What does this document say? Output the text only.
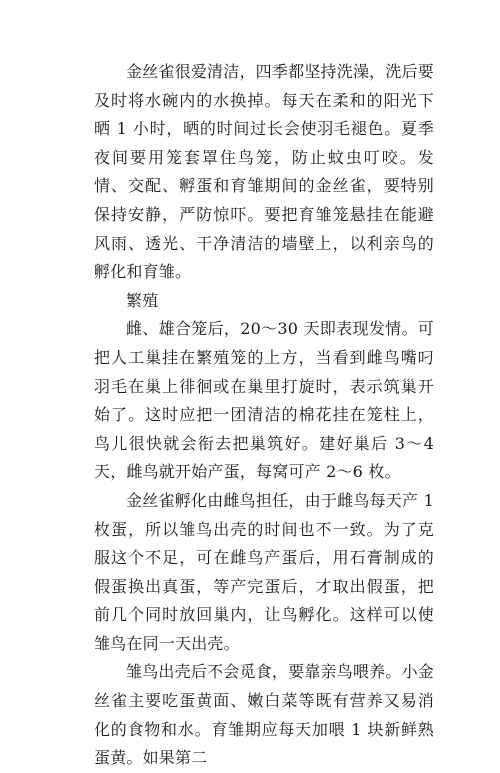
金丝雀很爱清洁，四季都坚持洗澡，洗后要及时将水碗内的水换掉。每天在柔和的阳光下晒 1 小时，晒的时间过长会使羽毛褪色。夏季夜间要用笼套罩住鸟笼，防止蚊虫叮咬。发情、交配、孵蛋和育雏期间的金丝雀，要特别保持安静，严防惊吓。要把育雏笼悬挂在能避风雨、透光、干净清洁的墙壁上，以利亲鸟的孵化和育雏。

繁殖

雌、雄合笼后，20～30 天即表现发情。可把人工巢挂在繁殖笼的上方，当看到雌鸟嘴叼羽毛在巢上徘徊或在巢里打旋时，表示筑巢开始了。这时应把一团清洁的棉花挂在笼柱上，鸟儿很快就会衔去把巢筑好。建好巢后 3～4 天，雌鸟就开始产蛋，每窝可产 2～6 枚。

金丝雀孵化由雌鸟担任，由于雌鸟每天产 1 枚蛋，所以雏鸟出壳的时间也不一致。为了克服这个不足，可在雌鸟产蛋后，用石膏制成的假蛋换出真蛋，等产完蛋后，才取出假蛋，把前几个同时放回巢内，让鸟孵化。这样可以使雏鸟在同一天出壳。

雏鸟出壳后不会觅食，要靠亲鸟喂养。小金丝雀主要吃蛋黄面、嫩白菜等既有营养又易消化的食物和水。育雏期应每天加喂 1 块新鲜熟蛋黄。如果第二
